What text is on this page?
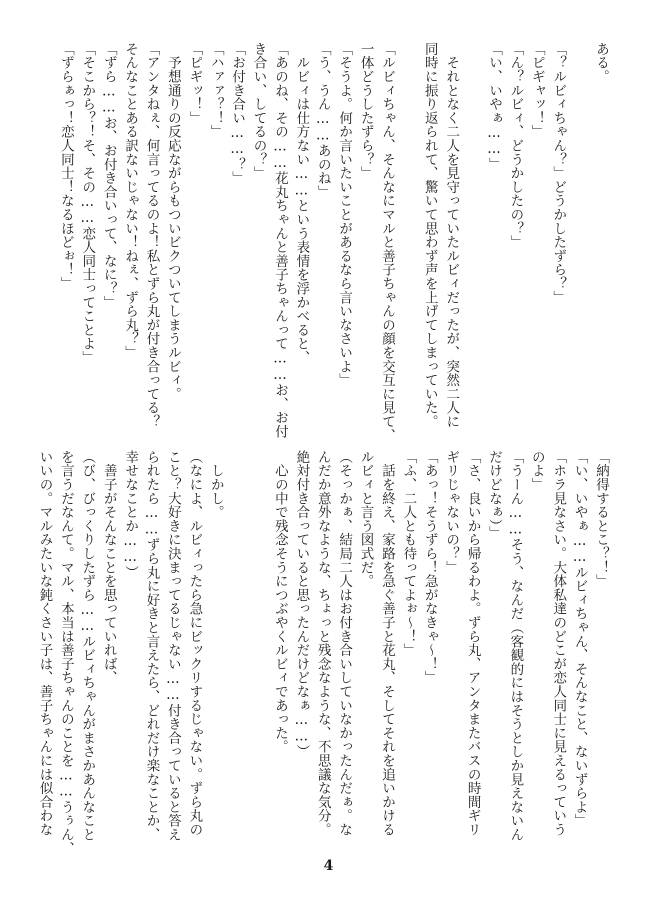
ある。
「？ルビィちゃん？」どうかしたずら？」
「ピギャッ！」
「ん？ルビィ、どうかしたの？」
「い、いやぁ……」
　それとなく二人を見守っていたルビィだったが、突然二人に
同時に振り返られて、驚いて思わず声を上げてしまっていた。
「ルビィちゃん、そんなにマルと善子ちゃんの顔を交互に見て、
一体どうしたずら？」
「そうよ。何か言いたいことがあるなら言いなさいよ」
「う、うん……あのね」
　ルビィは仕方ない……という表情を浮かべると、
「あのね、その……花丸ちゃんと善子ちゃんって……お、お付
き合い、してるの？」
「お付き合い……？」
「ハァァ？！」
「ピギッ！」
　予想通りの反応ながらもついビクついてしまうルビィ。
「アンタねぇ、何言ってるのよ！私とずら丸が付き合ってる？
そんなことある訳ないじゃない！ねぇ、ずら丸？」
「ずら……お、お付き合いって、なに？」
「そこから？！そ、その……恋人同士ってことよ」
「ずらぁっ！恋人同士！なるほどぉ！」
「納得するとこ？！」
「い、いやぁ……ルビィちゃん、そんなこと、ないずらよ」
「ホラ見なさい。大体私達のどこが恋人同士に見えるっていう
のよ」
「うーん……そう、なんだ（客観的にはそうとしか見えないん
だけどなぁ）」
「さ、良いから帰るわよ。ずら丸、アンタまたバスの時間ギリ
ギリじゃないの？」
「あっ！そうずら！急がなきゃ～！」
「ふ、二人とも待ってよぉ～！」
　話を終え、家路を急ぐ善子と花丸、そしてそれを追いかける
ルビィと言う図式だ。
（そっかぁ、結局二人はお付き合いしていなかったんだぁ。な
んだか意外なような、ちょっと残念なような、不思議な気分。
絶対付き合っていると思ったんだけどなぁ……）
　心の中で残念そうにつぶやくルビィであった。
　しかし。
（なによ、ルビィったら急にビックリするじゃない。ずら丸の
こと？大好きに決まってるじゃない……付き合っていると答え
られたら……ずら丸に好きと言えたら、どれだけ楽なことか、
幸せなことか……）
　善子がそんなことを思っていれば、
（び、びっくりしたずら……ルビィちゃんがまさかあんなこと
を言うだなんて。マル、本当は善子ちゃんのことを……うぅん、
いいの。マルみたいな鈍くさい子は、善子ちゃんには似合わな
4
